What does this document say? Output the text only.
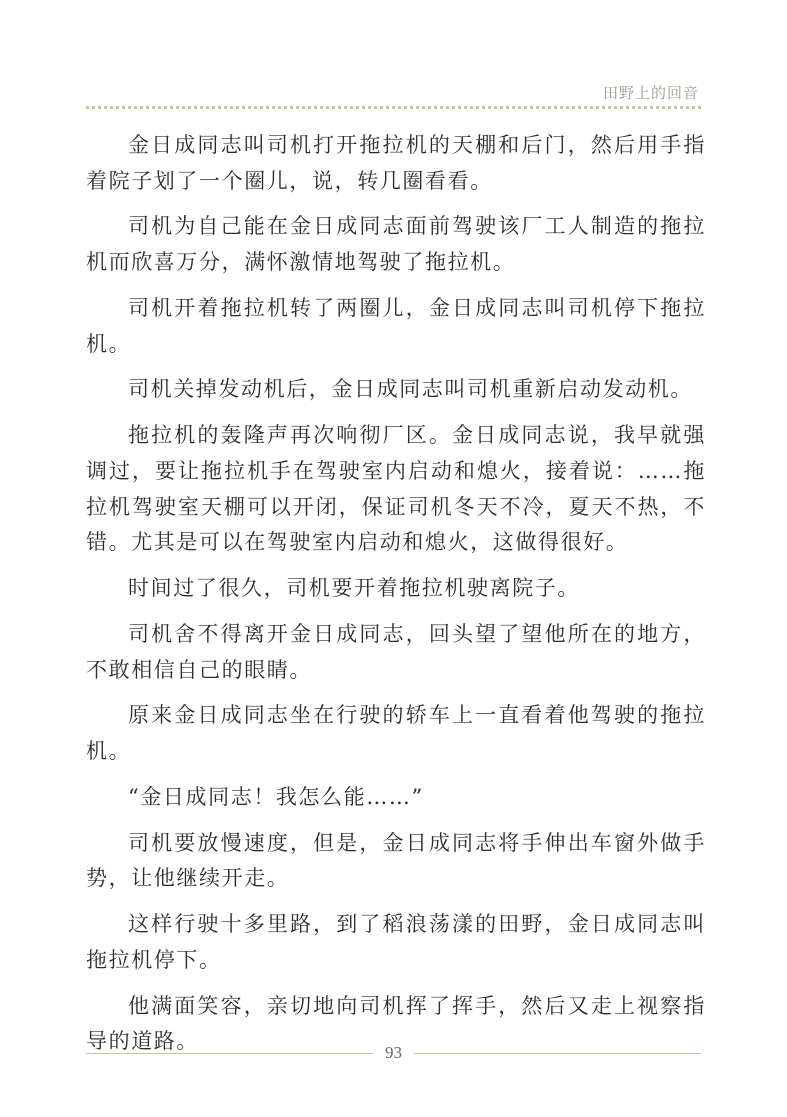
田野上的回音

金日成同志叫司机打开拖拉机的天棚和后门，然后用手指着院子划了一个圈儿，说，转几圈看看。

司机为自己能在金日成同志面前驾驶该厂工人制造的拖拉机而欣喜万分，满怀激情地驾驶了拖拉机。

司机开着拖拉机转了两圈儿，金日成同志叫司机停下拖拉机。

司机关掉发动机后，金日成同志叫司机重新启动发动机。

拖拉机的轰隆声再次响彻厂区。金日成同志说，我早就强调过，要让拖拉机手在驾驶室内启动和熄火，接着说：……拖拉机驾驶室天棚可以开闭，保证司机冬天不冷，夏天不热，不错。尤其是可以在驾驶室内启动和熄火，这做得很好。

时间过了很久，司机要开着拖拉机驶离院子。

司机舍不得离开金日成同志，回头望了望他所在的地方，不敢相信自己的眼睛。

原来金日成同志坐在行驶的轿车上一直看着他驾驶的拖拉机。

“金日成同志！我怎么能……”

司机要放慢速度，但是，金日成同志将手伸出车窗外做手势，让他继续开走。

这样行驶十多里路，到了稻浪荡漾的田野，金日成同志叫拖拉机停下。

他满面笑容，亲切地向司机挥了挥手，然后又走上视察指导的道路。	93
